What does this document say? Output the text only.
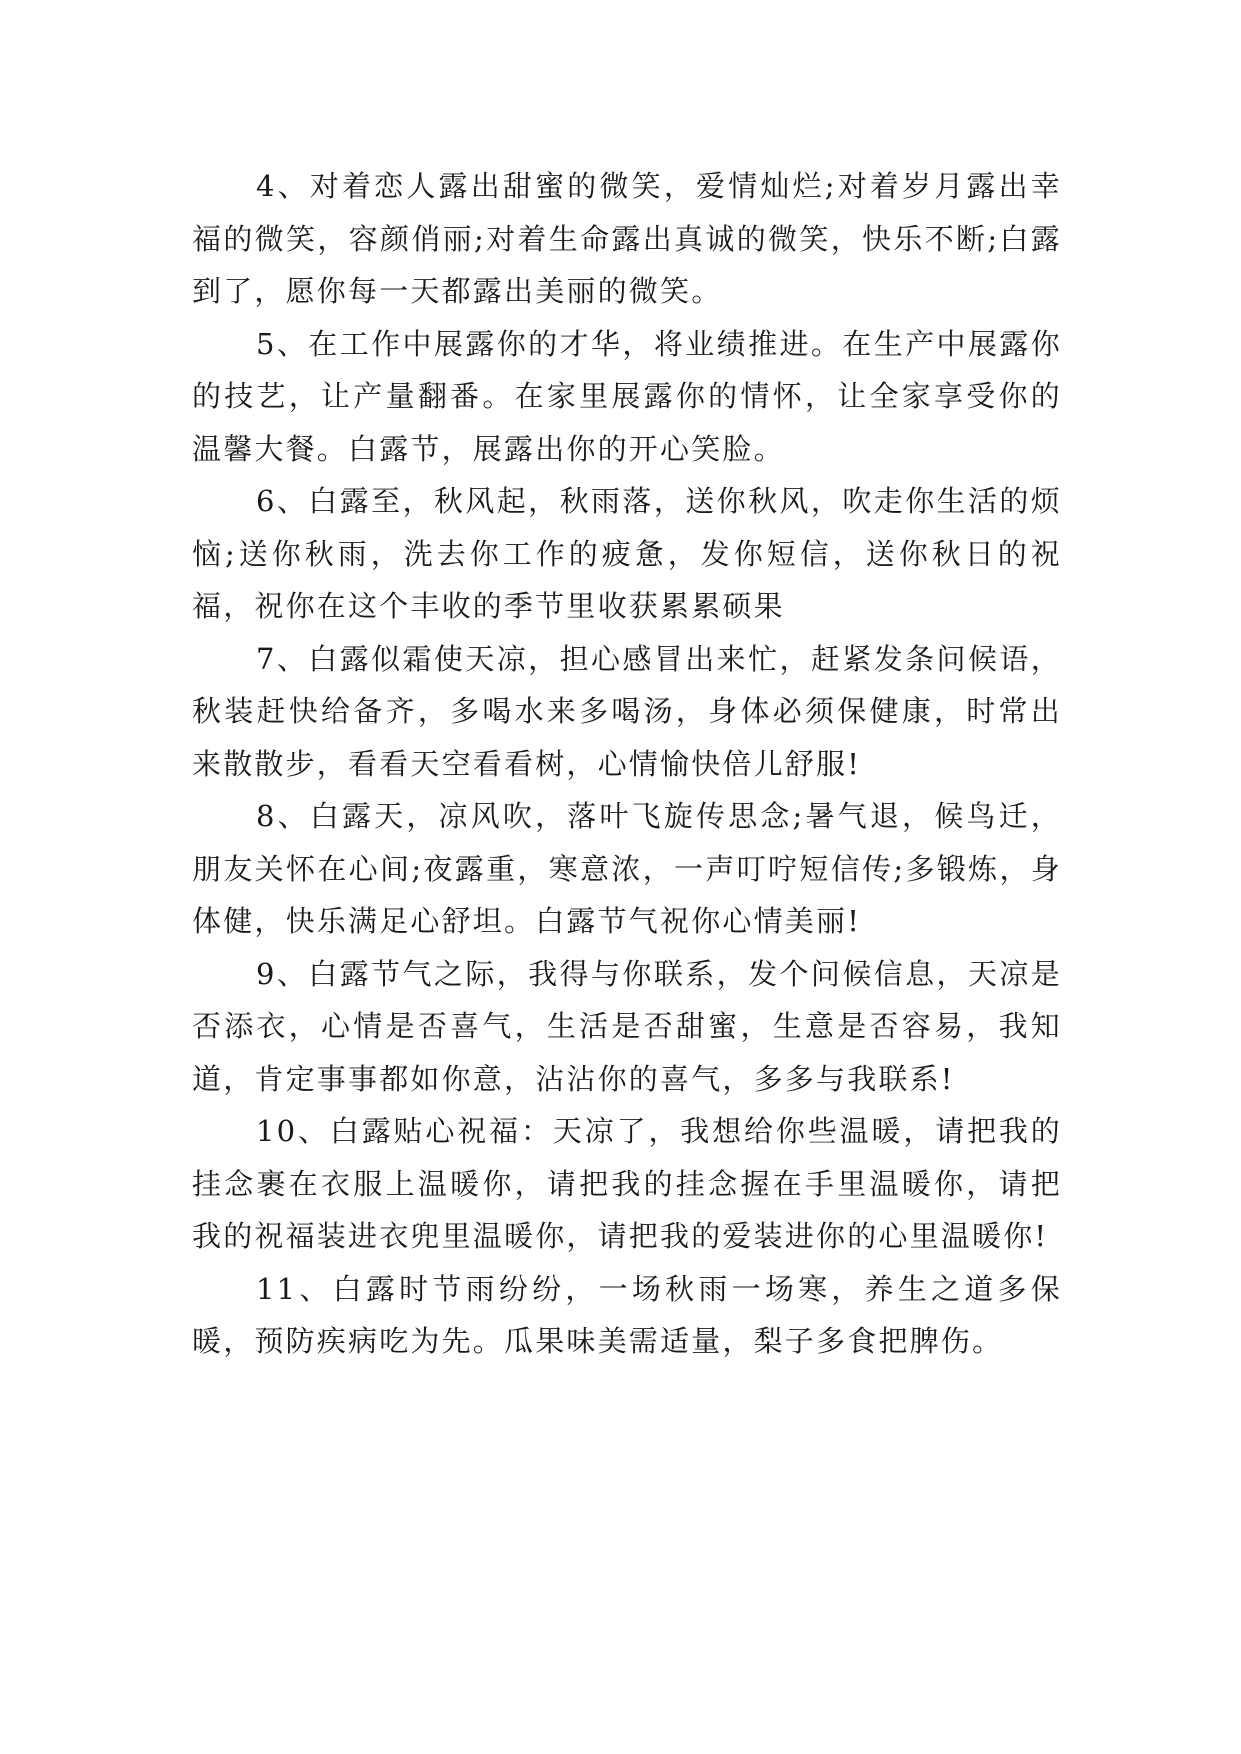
4、对着恋人露出甜蜜的微笑，爱情灿烂;对着岁月露出幸福的微笑，容颜俏丽;对着生命露出真诚的微笑，快乐不断;白露到了，愿你每一天都露出美丽的微笑。

5、在工作中展露你的才华，将业绩推进。在生产中展露你的技艺，让产量翻番。在家里展露你的情怀，让全家享受你的温馨大餐。白露节，展露出你的开心笑脸。

6、白露至，秋风起，秋雨落，送你秋风，吹走你生活的烦恼;送你秋雨，洗去你工作的疲惫，发你短信，送你秋日的祝福，祝你在这个丰收的季节里收获累累硕果

7、白露似霜使天凉，担心感冒出来忙，赶紧发条问候语，秋装赶快给备齐，多喝水来多喝汤，身体必须保健康，时常出来散散步，看看天空看看树，心情愉快倍儿舒服!

8、白露天，凉风吹，落叶飞旋传思念;暑气退，候鸟迁，朋友关怀在心间;夜露重，寒意浓，一声叮咛短信传;多锻炼，身体健，快乐满足心舒坦。白露节气祝你心情美丽!

9、白露节气之际，我得与你联系，发个问候信息，天凉是否添衣，心情是否喜气，生活是否甜蜜，生意是否容易，我知道，肯定事事都如你意，沾沾你的喜气，多多与我联系!

10、白露贴心祝福：天凉了，我想给你些温暖，请把我的挂念裹在衣服上温暖你，请把我的挂念握在手里温暖你，请把我的祝福装进衣兜里温暖你，请把我的爱装进你的心里温暖你!

11、白露时节雨纷纷，一场秋雨一场寒，养生之道多保暖，预防疾病吃为先。瓜果味美需适量，梨子多食把脾伤。
